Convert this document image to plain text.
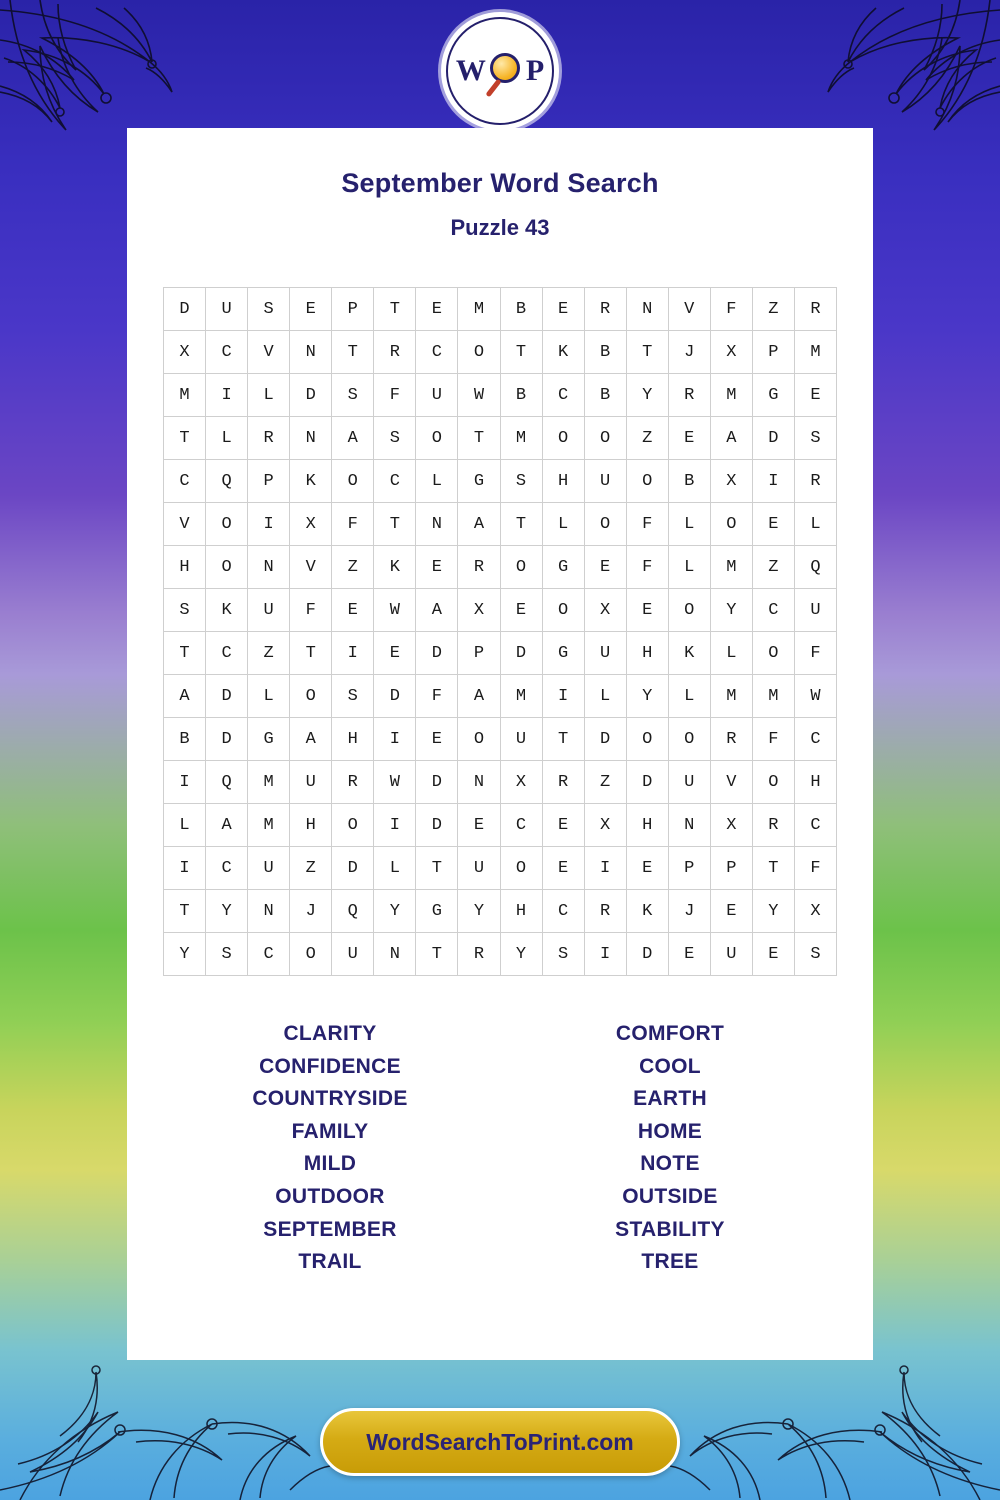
W P
September Word Search
Puzzle 43
D	U	S	E	P	T	E	M	B	E	R	N	V	F	Z	R
X	C	V	N	T	R	C	O	T	K	B	T	J	X	P	M
M	I	L	D	S	F	U	W	B	C	B	Y	R	M	G	E
T	L	R	N	A	S	O	T	M	O	O	Z	E	A	D	S
C	Q	P	K	O	C	L	G	S	H	U	O	B	X	I	R
V	O	I	X	F	T	N	A	T	L	O	F	L	O	E	L
H	O	N	V	Z	K	E	R	O	G	E	F	L	M	Z	Q
S	K	U	F	E	W	A	X	E	O	X	E	O	Y	C	U
T	C	Z	T	I	E	D	P	D	G	U	H	K	L	O	F
A	D	L	O	S	D	F	A	M	I	L	Y	L	M	M	W
B	D	G	A	H	I	E	O	U	T	D	O	O	R	F	C
I	Q	M	U	R	W	D	N	X	R	Z	D	U	V	O	H
L	A	M	H	O	I	D	E	C	E	X	H	N	X	R	C
I	C	U	Z	D	L	T	U	O	E	I	E	P	P	T	F
T	Y	N	J	Q	Y	G	Y	H	C	R	K	J	E	Y	X
Y	S	C	O	U	N	T	R	Y	S	I	D	E	U	E	S
CLARITY
CONFIDENCE
COUNTRYSIDE
FAMILY
MILD
OUTDOOR
SEPTEMBER
TRAIL
COMFORT
COOL
EARTH
HOME
NOTE
OUTSIDE
STABILITY
TREE
WordSearchToPrint.com
